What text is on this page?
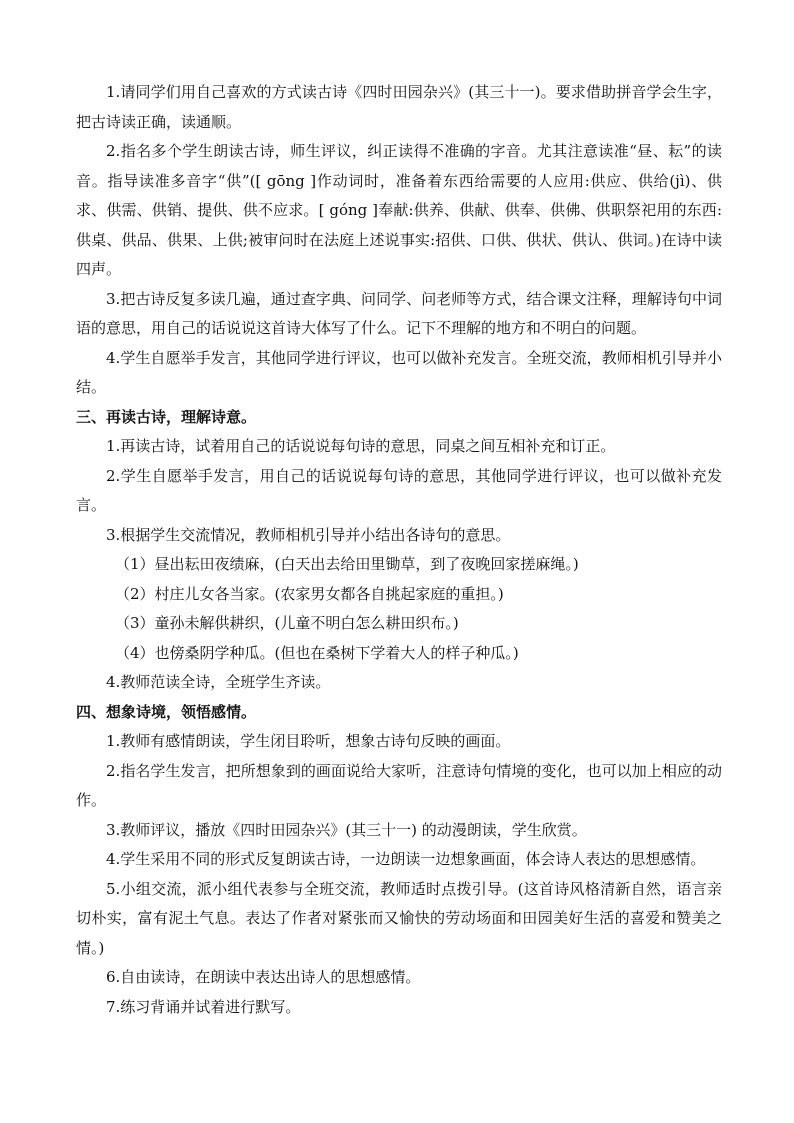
1.请同学们用自己喜欢的方式读古诗《四时田园杂兴》(其三十一)。要求借助拼音学会生字，把古诗读正确，读通顺。

2.指名多个学生朗读古诗，师生评议，纠正读得不准确的字音。尤其注意读准“昼、耘”的读音。指导读准多音字“供”([ gōng ]作动词时，准备着东西给需要的人应用:供应、供给(jì)、供求、供需、供销、提供、供不应求。[ góng ]奉献:供养、供献、供奉、供佛、供职祭祀用的东西:供桌、供品、供果、上供;被审问时在法庭上述说事实:招供、口供、供状、供认、供词。)在诗中读四声。

3.把古诗反复多读几遍，通过查字典、问同学、问老师等方式，结合课文注释，理解诗句中词语的意思，用自己的话说说这首诗大体写了什么。记下不理解的地方和不明白的问题。

4.学生自愿举手发言，其他同学进行评议，也可以做补充发言。全班交流，教师相机引导并小结。

三、再读古诗，理解诗意。

1.再读古诗，试着用自己的话说说每句诗的意思，同桌之间互相补充和订正。

2.学生自愿举手发言，用自己的话说说每句诗的意思，其他同学进行评议，也可以做补充发言。

3.根据学生交流情况，教师相机引导并小结出各诗句的意思。

（1）昼出耘田夜绩麻，(白天出去给田里锄草，到了夜晚回家搓麻绳。)

（2）村庄儿女各当家。(农家男女都各自挑起家庭的重担。)

（3）童孙未解供耕织，(儿童不明白怎么耕田织布。)

（4）也傍桑阴学种瓜。(但也在桑树下学着大人的样子种瓜。)

4.教师范读全诗，全班学生齐读。

四、想象诗境，领悟感情。

1.教师有感情朗读，学生闭目聆听，想象古诗句反映的画面。

2.指名学生发言，把所想象到的画面说给大家听，注意诗句情境的变化，也可以加上相应的动作。

3.教师评议，播放《四时田园杂兴》(其三十一) 的动漫朗读，学生欣赏。

4.学生采用不同的形式反复朗读古诗，一边朗读一边想象画面，体会诗人表达的思想感情。

5.小组交流，派小组代表参与全班交流，教师适时点拨引导。(这首诗风格清新自然，语言亲切朴实，富有泥土气息。表达了作者对紧张而又愉快的劳动场面和田园美好生活的喜爱和赞美之情。)

6.自由读诗，在朗读中表达出诗人的思想感情。

7.练习背诵并试着进行默写。
